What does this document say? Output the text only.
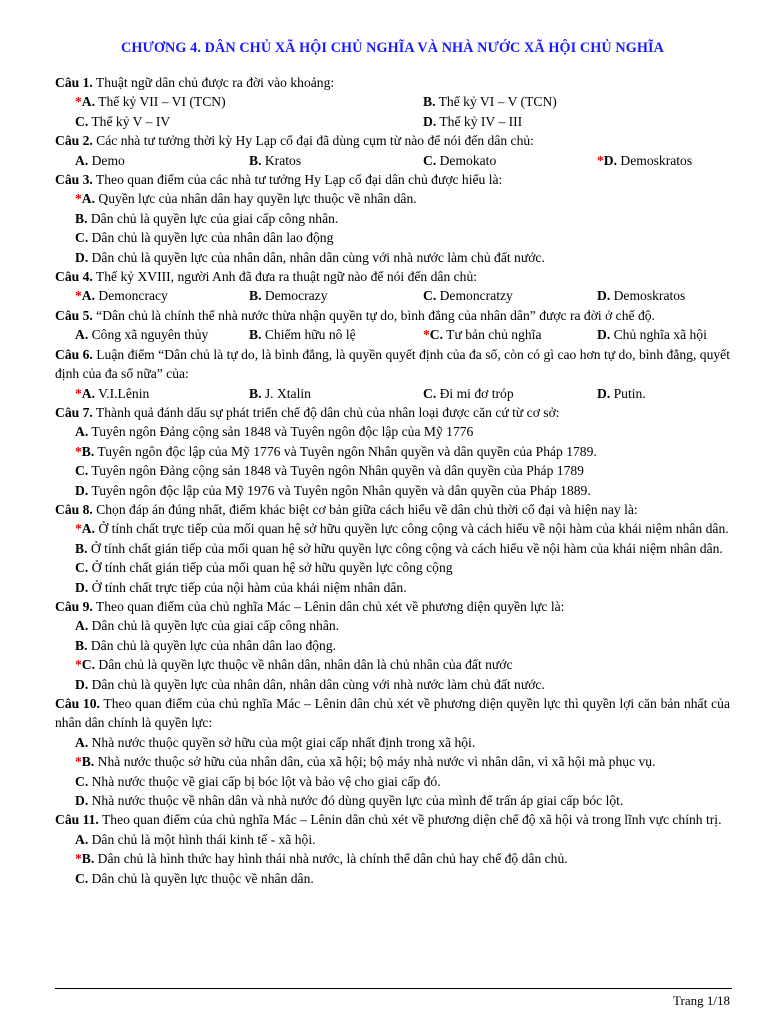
CHƯƠNG 4. DÂN CHỦ XÃ HỘI CHỦ NGHĨA VÀ NHÀ NƯỚC XÃ HỘI CHỦ NGHĨA
Câu 1. Thuật ngữ dân chủ được ra đời vào khoảng:
*A. Thế kỷ VII – VI (TCN)	B. Thế kỷ VI – V (TCN)
C. Thế kỷ V – IV	D. Thế kỷ IV – III
Câu 2. Các nhà tư tưởng thời kỳ Hy Lạp cổ đại đã dùng cụm từ nào để nói đến dân chủ:
A. Demo	B. Kratos	C. Demokato	*D. Demoskratos
Câu 3. Theo quan điểm của các nhà tư tưởng Hy Lạp cổ đại dân chủ được hiểu là:
*A. Quyền lực của nhân dân hay quyền lực thuộc về nhân dân.
B. Dân chủ là quyền lực của giai cấp công nhân.
C. Dân chủ là quyền lực của nhân dân lao động
D. Dân chủ là quyền lực của nhân dân, nhân dân cùng với nhà nước làm chủ đất nước.
Câu 4. Thế kỷ XVIII, người Anh đã đưa ra thuật ngữ nào để nói đến dân chủ:
*A. Demoncracy	B. Democrazy	C. Demoncratzy	D. Demoskratos
Câu 5. “Dân chủ là chính thể nhà nước thừa nhận quyền tự do, bình đẳng của nhân dân” được ra đời ở chế độ.
A. Công xã nguyên thủy	B. Chiếm hữu nô lệ	*C. Tư bản chủ nghĩa	D. Chủ nghĩa xã hội
Câu 6. Luận điểm “Dân chủ là tự do, là bình đẳng, là quyền quyết định của đa số, còn có gì cao hơn tự do, bình đẳng, quyết định của đa số nữa” của:
*A. V.I.Lênin	B. J. Xtalin	C. Đi mi đơ tróp	D. Putin.
Câu 7. Thành quả đánh dấu sự phát triển chế độ dân chủ của nhân loại được căn cứ từ cơ sở:
A. Tuyên ngôn Đảng cộng sản 1848 và Tuyên ngôn độc lập của Mỹ 1776
*B. Tuyên ngôn độc lập của Mỹ 1776 và Tuyên ngôn Nhân quyền và dân quyền của Pháp 1789.
C. Tuyên ngôn Đảng cộng sản 1848 và Tuyên ngôn Nhân quyền và dân quyền của Pháp 1789
D. Tuyên ngôn độc lập của Mỹ 1976 và Tuyên ngôn Nhân quyền và dân quyền của Pháp 1889.
Câu 8. Chọn đáp án đúng nhất, điểm khác biệt cơ bản giữa cách hiểu về dân chủ thời cổ đại và hiện nay là:
*A. Ở tính chất trực tiếp của mối quan hệ sở hữu quyền lực công cộng và cách hiểu về nội hàm của khái niệm nhân dân.
B. Ở tính chất gián tiếp của mối quan hệ sở hữu quyền lực công cộng và cách hiểu về nội hàm của khái niệm nhân dân.
C. Ở tính chất gián tiếp của mối quan hệ sở hữu quyền lực công cộng
D. Ở tính chất trực tiếp của nội hàm của khái niệm nhân dân.
Câu 9. Theo quan điểm của chủ nghĩa Mác – Lênin dân chủ xét về phương diện quyền lực là:
A. Dân chủ là quyền lực của giai cấp công nhân.
B. Dân chủ là quyền lực của nhân dân lao động.
*C. Dân chủ là quyền lực thuộc về nhân dân, nhân dân là chủ nhân của đất nước
D. Dân chủ là quyền lực của nhân dân, nhân dân cùng với nhà nước làm chủ đất nước.
Câu 10. Theo quan điểm của chủ nghĩa Mác – Lênin dân chủ xét về phương diện quyền lực thì quyền lợi căn bản nhất của nhân dân chính là quyền lực:
A. Nhà nước thuộc quyền sở hữu của một giai cấp nhất định trong xã hội.
*B. Nhà nước thuộc sở hữu của nhân dân, của xã hội; bộ máy nhà nước vì nhân dân, vì xã hội mà phục vụ.
C. Nhà nước thuộc về giai cấp bị bóc lột và bảo vệ cho giai cấp đó.
D. Nhà nước thuộc về nhân dân và nhà nước đó dùng quyền lực của mình để trấn áp giai cấp bóc lột.
Câu 11. Theo quan điểm của chủ nghĩa Mác – Lênin dân chủ xét về phương diện chế độ xã hội và trong lĩnh vực chính trị.
A. Dân chủ là một hình thái kinh tế - xã hội.
*B. Dân chủ là hình thức hay hình thái nhà nước, là chính thể dân chủ hay chế độ dân chủ.
C. Dân chủ là quyền lực thuộc về nhân dân.
Trang 1/18
